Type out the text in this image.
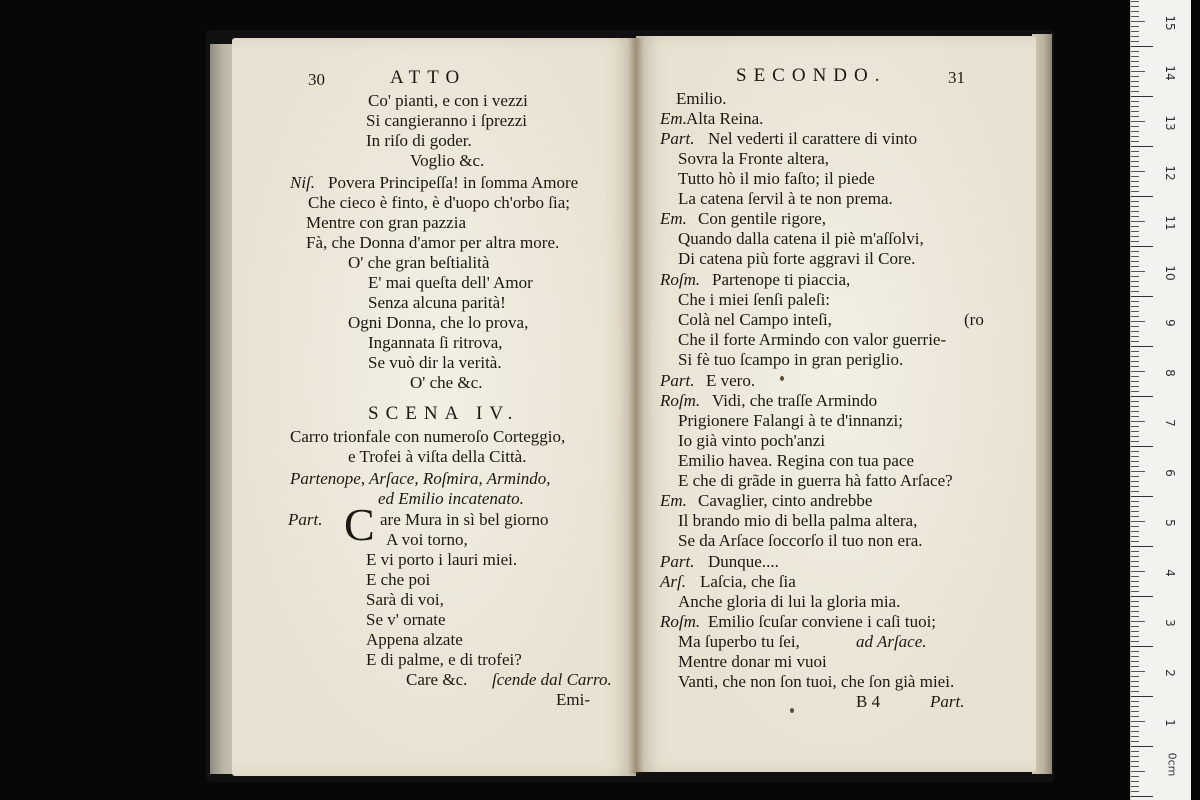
30	ATTO
Co' pianti, e con i vezzi
Si cangieranno i ſprezzi
In riſo di goder.
Voglio &c.
Niſ. Povera Principeſſa! in ſomma Amore
Che cieco è finto, è d'uopo ch'orbo ſia;
Mentre con gran pazzia
Fà, che Donna d'amor per altra more.
O' che gran beſtialità
E' mai queſta dell' Amor
Senza alcuna parità!
Ogni Donna, che lo prova,
Ingannata ſi ritrova,
Se vuò dir la verità.
O' che &c.
SCENA IV.
Carro trionfale con numeroſo Corteggio,
e Trofei à viſta della Città.
Partenope, Arſace, Roſmira, Armindo,
ed Emilio incatenato.
Part. C are Mura in sì bel giorno
A voi torno,
E vi porto i lauri miei.
E che poi
Sarà di voi,
Se v' ornate
Appena alzate
E di palme, e di trofei?
Care &c. ſcende dal Carro.
Emi-
SECONDO.	31
Emilio.
Em. Alta Reina.
Part. Nel vederti il carattere di vinto
Sovra la Fronte altera,
Tutto hò il mio faſto; il piede
La catena ſervil à te non prema.
Em. Con gentile rigore,
Quando dalla catena il piè m'aſſolvi,
Di catena più forte aggravi il Core.
Roſm. Partenope ti piaccia,
Che i miei ſenſi paleſi:
Colà nel Campo inteſi,	(ro
Che il forte Armindo con valor guerrie-
Si fè tuo ſcampo in gran periglio.
Part. E vero.
Roſm. Vidi, che traſſe Armindo
Prigionere Falangi à te d'innanzi;
Io già vinto poch'anzi
Emilio havea. Regina con tua pace
E che di grãde in guerra hà fatto Arſace?
Em. Cavaglier, cinto andrebbe
Il brando mio di bella palma altera,
Se da Arſace ſoccorſo il tuo non era.
Part. Dunque....
Arſ. Laſcia, che ſia
Anche gloria di lui la gloria mia.
Roſm. Emilio ſcuſar conviene i caſi tuoi;
Ma ſuperbo tu ſei,	ad Arſace.
Mentre donar mi vuoi
Vanti, che non ſon tuoi, che ſon già miei.
B 4	Part.
15
14
13
12
11
10
9
8
7
6
5
4
3
2
1
0cm
